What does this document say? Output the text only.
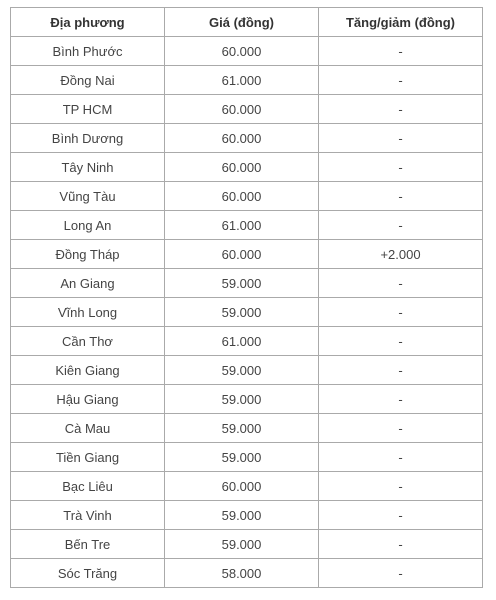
Địa phương	Giá (đồng)	Tăng/giảm (đồng)
Bình Phước	60.000	-
Đồng Nai	61.000	-
TP HCM	60.000	-
Bình Dương	60.000	-
Tây Ninh	60.000	-
Vũng Tàu	60.000	-
Long An	61.000	-
Đồng Tháp	60.000	+2.000
An Giang	59.000	-
Vĩnh Long	59.000	-
Cần Thơ	61.000	-
Kiên Giang	59.000	-
Hậu Giang	59.000	-
Cà Mau	59.000	-
Tiền Giang	59.000	-
Bạc Liêu	60.000	-
Trà Vinh	59.000	-
Bến Tre	59.000	-
Sóc Trăng	58.000	-
